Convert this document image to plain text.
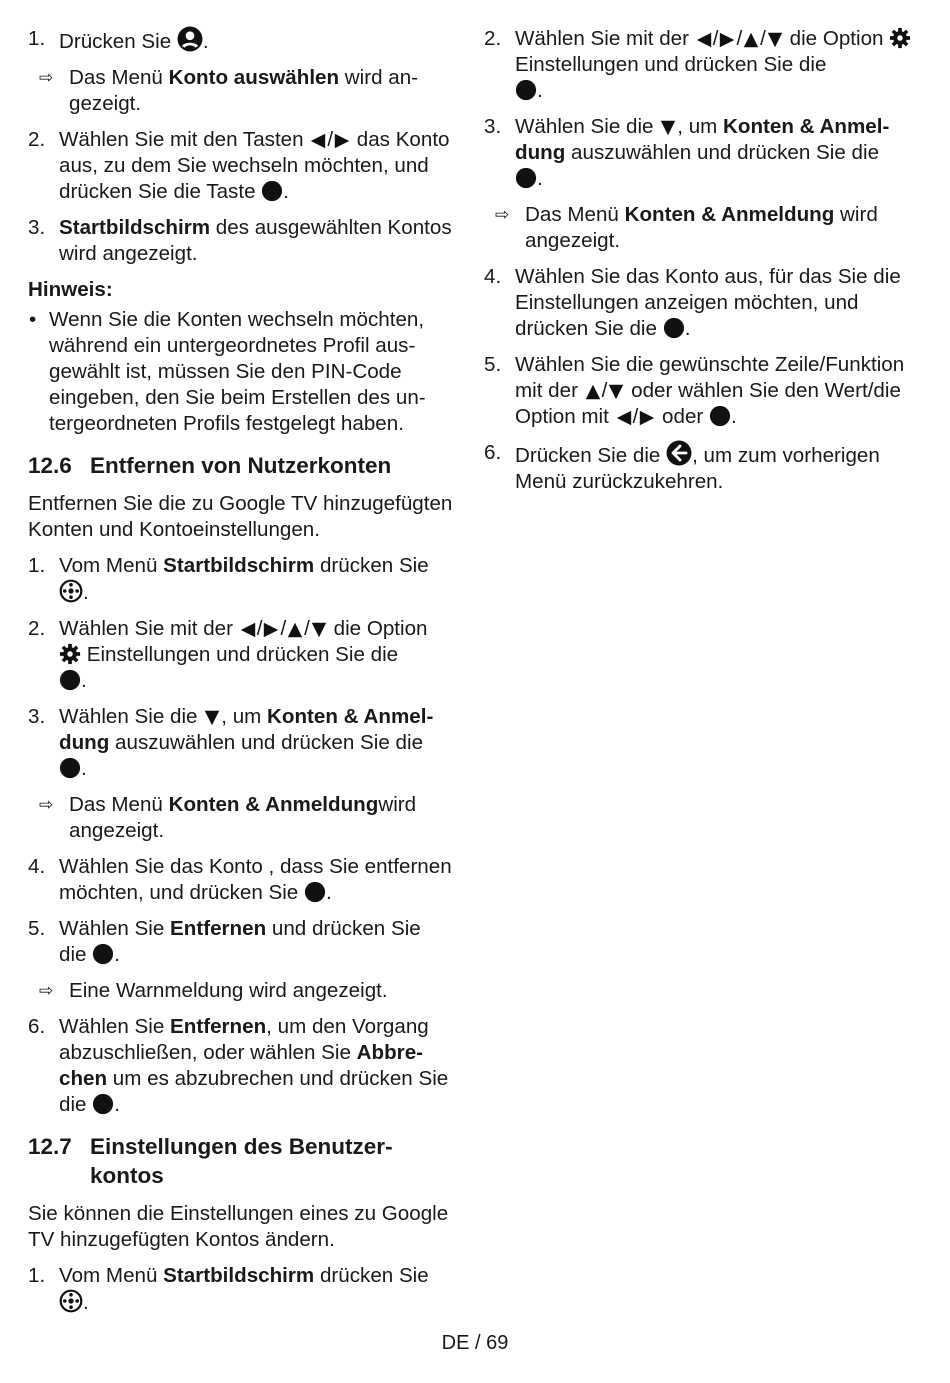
1. Drücken Sie
.
⇨ Das Menü Konto auswählen wird angezeigt.
2. Wählen Sie mit den Tasten
/
das Konto aus, zu dem Sie wechseln möchten, und drücken Sie die Taste
.
3. Startbildschirm des ausgewählten Kontos wird angezeigt.
Hinweis:
• Wenn Sie die Konten wechseln möchten, während ein untergeordnetes Profil ausgewählt ist, müssen Sie den PIN-Code eingeben, den Sie beim Erstellen des untergeordneten Profils festgelegt haben.
12.6 Entfernen von Nutzerkonten
Entfernen Sie die zu Google TV hinzugefügten Konten und Kontoeinstellungen.
1. Vom Menü Startbildschirm drücken Sie

.
2. Wählen Sie mit der
/ / /
die Option
Einstellungen und drücken Sie die

.
3. Wählen Sie die
, um Konten & Anmeldung auszuwählen und drücken Sie die

.
⇨ Das Menü Konten & Anmeldungwird angezeigt.
4. Wählen Sie das Konto , dass Sie entfernen möchten, und drücken Sie
.
5. Wählen Sie Entfernen und drücken Sie die
.
⇨ Eine Warnmeldung wird angezeigt.
6. Wählen Sie Entfernen, um den Vorgang abzuschließen, oder wählen Sie Abbrechen um es abzubrechen und drücken Sie die
.
12.7 Einstellungen des Benutzerkontos
Sie können die Einstellungen eines zu Google TV hinzugefügten Kontos ändern.
1. Vom Menü Startbildschirm drücken Sie

.
2. Wählen Sie mit der
/ / /
die Option
Einstellungen und drücken Sie die

.
3. Wählen Sie die
, um Konten & Anmeldung auszuwählen und drücken Sie die

.
⇨ Das Menü Konten & Anmeldung wird angezeigt.
4. Wählen Sie das Konto aus, für das Sie die Einstellungen anzeigen möchten, und drücken Sie die
.
5. Wählen Sie die gewünschte Zeile/Funktion mit der
/
oder wählen Sie den Wert/die Option mit
/
oder
.
6. Drücken Sie die
, um zum vorherigen Menü zurückzukehren.
DE / 69
